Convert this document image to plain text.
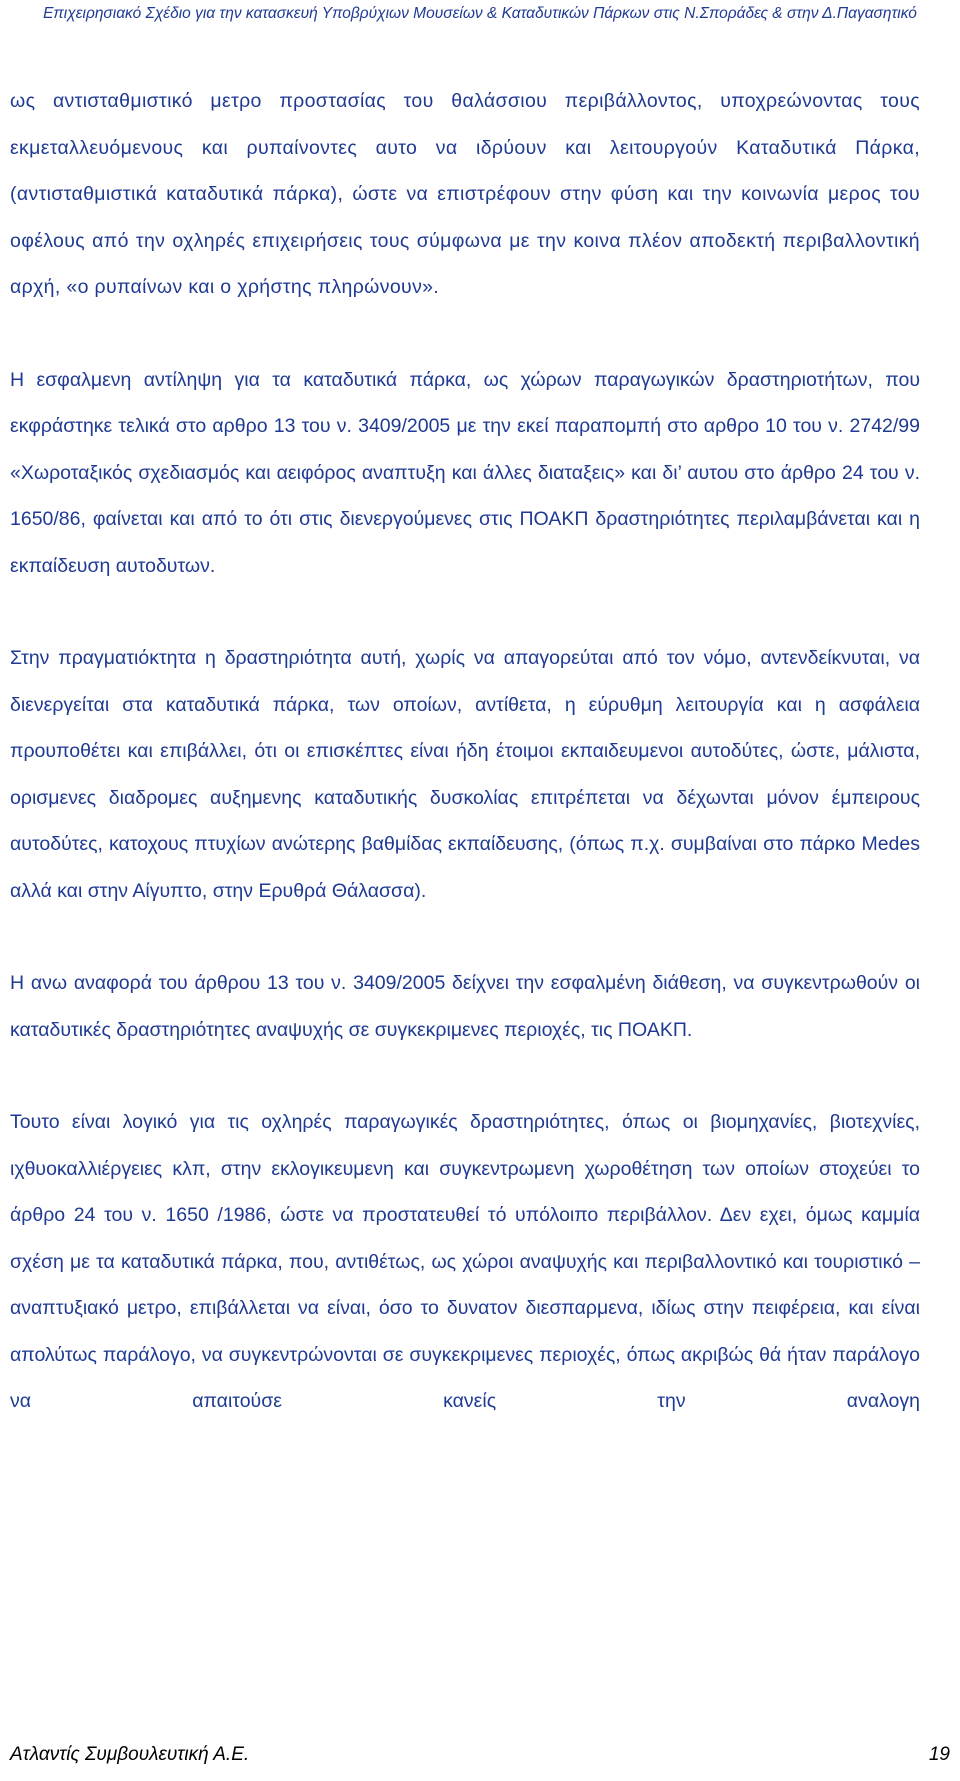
Επιχειρησιακό Σχέδιο για την κατασκευή Υποβρύχιων Μουσείων & Καταδυτικών Πάρκων στις Ν.Σποράδες & στην Δ.Παγασητικό

ως αντισταθμιστικό μετρο προστασίας του θαλάσσιου περιβάλλοντος, υποχρεώνοντας τους εκμεταλλευόμενους και ρυπαίνοντες αυτο να ιδρύουν και λειτουργούν Καταδυτικά Πάρκα, (αντισταθμιστικά καταδυτικά πάρκα), ώστε να επιστρέφουν στην φύση και την κοινωνία μερος του οφέλους από την οχληρές επιχειρήσεις τους σύμφωνα με την κοινα πλέον αποδεκτή περιβαλλοντική αρχή, «ο ρυπαίνων και ο χρήστης πληρώνουν».

Η εσφαλμενη αντίληψη για τα καταδυτικά πάρκα, ως χώρων παραγωγικών δραστηριοτήτων, που εκφράστηκε τελικά στο αρθρο 13 του ν. 3409/2005 με την εκεί παραπομπή στο αρθρο 10 του ν. 2742/99 «Χωροταξικός σχεδιασμός και αειφόρος αναπτυξη και άλλες διαταξεις» και δι’ αυτου στο άρθρο 24 του ν. 1650/86, φαίνεται και από το ότι στις διενεργούμενες στις ΠΟΑΚΠ δραστηριότητες περιλαμβάνεται και η εκπαίδευση αυτοδυτων.

Στην πραγματιόκτητα η δραστηριότητα αυτή, χωρίς να απαγορεύται από τον νόμο, αντενδείκνυται, να διενεργείται στα καταδυτικά πάρκα, των οποίων, αντίθετα, η εύρυθμη λειτουργία και η ασφάλεια προυποθέτει και επιβάλλει, ότι οι επισκέπτες είναι ήδη έτοιμοι εκπαιδευμενοι αυτοδύτες, ώστε, μάλιστα, ορισμενες διαδρομες αυξημενης καταδυτικής δυσκολίας επιτρέπεται να δέχωνται μόνον έμπειρους αυτοδύτες, κατοχους πτυχίων ανώτερης βαθμίδας εκπαίδευσης, (όπως π.χ. συμβαίναι στο πάρκο Medes αλλά και στην Αίγυπτο, στην Ερυθρά Θάλασσα).

Η ανω αναφορά του άρθρου 13 του ν. 3409/2005 δείχνει την εσφαλμένη διάθεση, να συγκεντρωθούν οι καταδυτικές δραστηριότητες αναψυχής σε συγκεκριμενες περιοχές, τις ΠΟΑΚΠ.

Τουτο είναι λογικό για τις οχληρές παραγωγικές δραστηριότητες, όπως οι βιομηχανίες, βιοτεχνίες, ιχθυοκαλλιέργειες κλπ, στην εκλογικευμενη και συγκεντρωμενη χωροθέτηση των οποίων στοχεύει το άρθρο 24 του ν. 1650 /1986, ώστε να προστατευθεί τό υπόλοιπο περιβάλλον. Δεν εχει, όμως καμμία σχέση με τα καταδυτικά πάρκα, που, αντιθέτως, ως χώροι αναψυχής και περιβαλλοντικό και τουριστικό – αναπτυξιακό μετρο, επιβάλλεται να είναι, όσο το δυνατον διεσπαρμενα, ιδίως στην πειφέρεια, και είναι απολύτως παράλογο, να συγκεντρώνονται σε συγκεκριμενες περιοχές, όπως ακριβώς θά ήταν παράλογο να απαιτούσε κανείς την αναλογη

Ατλαντίς Συμβουλευτική Α.Ε.	19
